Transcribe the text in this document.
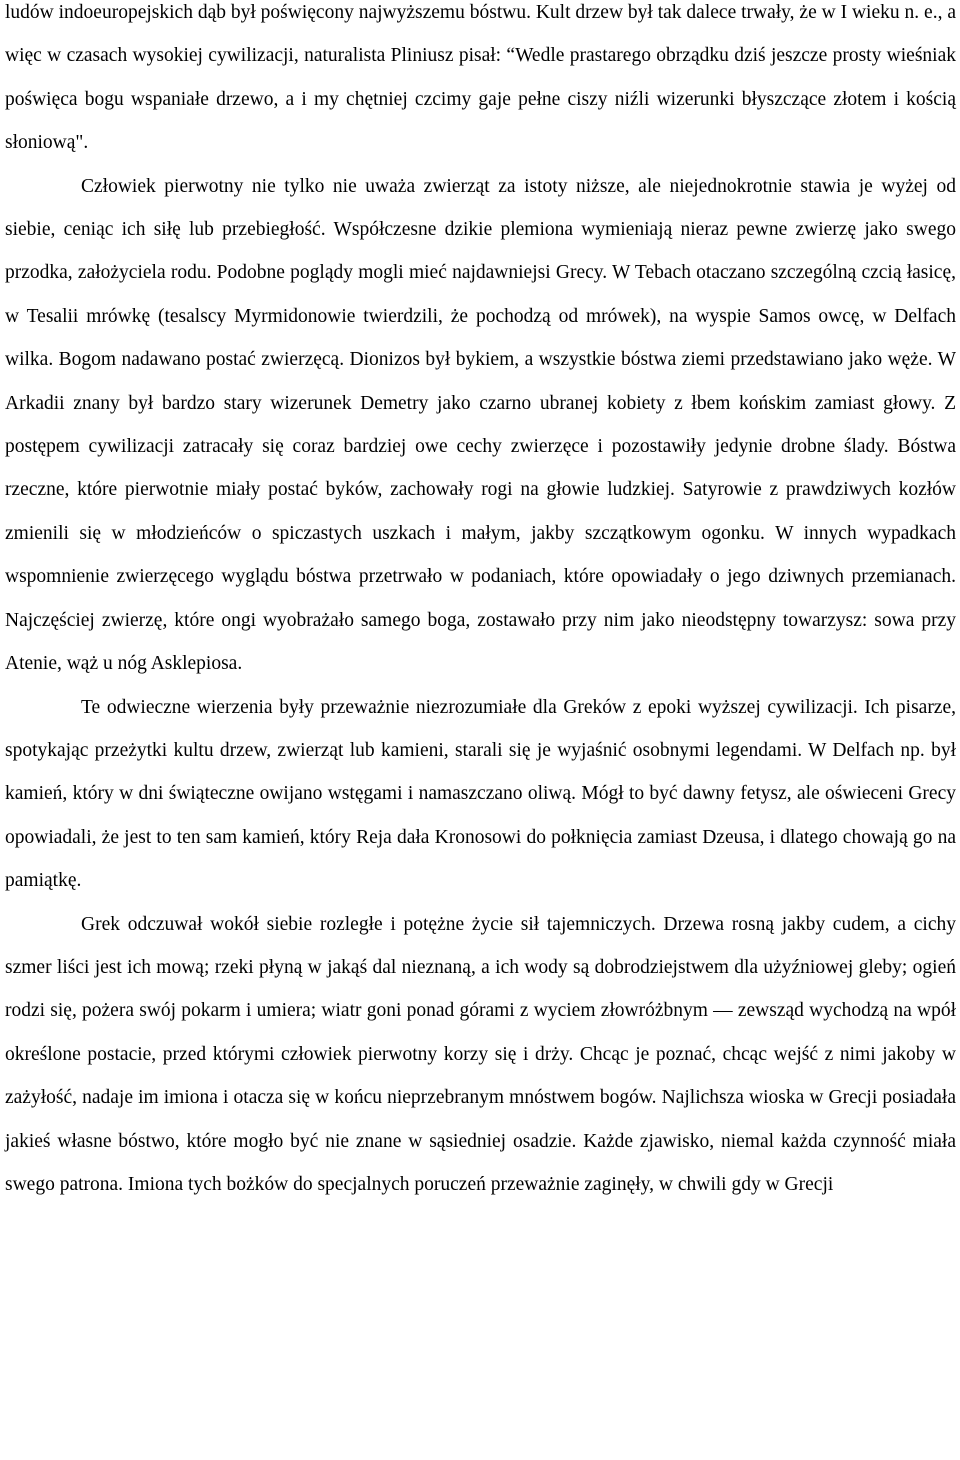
ludów indoeuropejskich dąb był poświęcony najwyższemu bóstwu. Kult drzew był tak dalece trwały, że w I wieku n. e., a więc w czasach wysokiej cywilizacji, naturalista Pliniusz pisał: “Wedle prastarego obrządku dziś jeszcze prosty wieśniak poświęca bogu wspaniałe drzewo, a i my chętniej czcimy gaje pełne ciszy niźli wizerunki błyszczące złotem i kością słoniową".

Człowiek pierwotny nie tylko nie uważa zwierząt za istoty niższe, ale niejednokrotnie stawia je wyżej od siebie, ceniąc ich siłę lub przebiegłość. Współczesne dzikie plemiona wymieniają nieraz pewne zwierzę jako swego przodka, założyciela rodu. Podobne poglądy mogli mieć najdawniejsi Grecy. W Tebach otaczano szczególną czcią łasicę, w Tesalii mrówkę (tesalscy Myrmidonowie twierdzili, że pochodzą od mrówek), na wyspie Samos owcę, w Delfach wilka. Bogom nadawano postać zwierzęcą. Dionizos był bykiem, a wszystkie bóstwa ziemi przedstawiano jako węże. W Arkadii znany był bardzo stary wizerunek Demetry jako czarno ubranej kobiety z łbem końskim zamiast głowy. Z postępem cywilizacji zatracały się coraz bardziej owe cechy zwierzęce i pozostawiły jedynie drobne ślady. Bóstwa rzeczne, które pierwotnie miały postać byków, zachowały rogi na głowie ludzkiej. Satyrowie z prawdziwych kozłów zmienili się w młodzieńców o spiczastych uszkach i małym, jakby szczątkowym ogonku. W innych wypadkach wspomnienie zwierzęcego wyglądu bóstwa przetrwało w podaniach, które opowiadały o jego dziwnych przemianach. Najczęściej zwierzę, które ongi wyobrażało samego boga, zostawało przy nim jako nieodstępny towarzysz: sowa przy Atenie, wąż u nóg Asklepiosa.

Te odwieczne wierzenia były przeważnie niezrozumiałe dla Greków z epoki wyższej cywilizacji. Ich pisarze, spotykając przeżytki kultu drzew, zwierząt lub kamieni, starali się je wyjaśnić osobnymi legendami. W Delfach np. był kamień, który w dni świąteczne owijano wstęgami i namaszczano oliwą. Mógł to być dawny fetysz, ale oświeceni Grecy opowiadali, że jest to ten sam kamień, który Reja dała Kronosowi do połknięcia zamiast Dzeusa, i dlatego chowają go na pamiątkę.

Grek odczuwał wokół siebie rozległe i potężne życie sił tajemniczych. Drzewa rosną jakby cudem, a cichy szmer liści jest ich mową; rzeki płyną w jakąś dal nieznaną, a ich wody są dobrodziejstwem dla użyźniowej gleby; ogień rodzi się, pożera swój pokarm i umiera; wiatr goni ponad górami z wyciem złowróżbnym — zewsząd wychodzą na wpół określone postacie, przed którymi człowiek pierwotny korzy się i drży. Chcąc je poznać, chcąc wejść z nimi jakoby w zażyłość, nadaje im imiona i otacza się w końcu nieprzebranym mnóstwem bogów. Najlichsza wioska w Grecji posiadała jakieś własne bóstwo, które mogło być nie znane w sąsiedniej osadzie. Każde zjawisko, niemal każda czynność miała swego patrona. Imiona tych bożków do specjalnych poruczeń przeważnie zaginęły, w chwili gdy w Grecji
